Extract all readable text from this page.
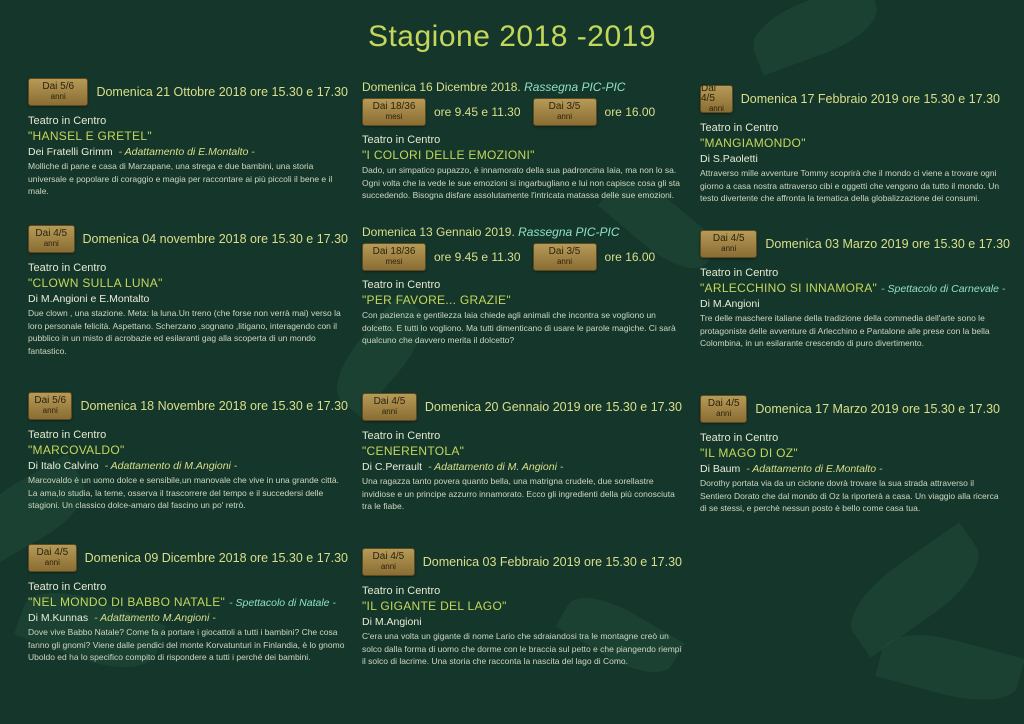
Stagione 2018 -2019
Dai 5/6
anni Domenica 21 Ottobre 2018 ore 15.30 e 17.30
Teatro in Centro
"HANSEL E GRETEL"
Dei Fratelli Grimm - Adattamento di E.Montalto -
Molliche di pane e casa di Marzapane, una strega e due bambini, una storia universale e popolare di coraggio e magia per raccontare ai più piccoli il bene e il male.
Dai 4/5
anni Domenica 04 novembre 2018 ore 15.30 e 17.30
Teatro in Centro
"CLOWN SULLA LUNA"
Di M.Angioni e E.Montalto
Due clown , una stazione. Meta: la luna.Un treno (che forse non verrà mai) verso la loro personale felicità. Aspettano. Scherzano ,sognano ,litigano, interagendo con il pubblico in un misto di acrobazie ed esilaranti gag alla scoperta di un mondo fantastico.
Dai 5/6
anni Domenica 18 Novembre 2018 ore 15.30 e 17.30
Teatro in Centro
"MARCOVALDO"
Di Italo Calvino - Adattamento di M.Angioni -
Marcovaldo è un uomo dolce e sensibile,un manovale che vive in una grande città. La ama,lo studia, la teme, osserva il trascorrere del tempo e il succedersi delle stagioni. Un classico dolce-amaro dal fascino un po' retrò.
Dai 4/5
anni Domenica 09 Dicembre 2018 ore 15.30 e 17.30
Teatro in Centro
"NEL MONDO DI BABBO NATALE" - Spettacolo di Natale -
Di M.Kunnas - Adattamento M.Angioni -
Dove vive Babbo Natale? Come fa a portare i giocattoli a tutti i bambini? Che cosa fanno gli gnomi? Viene dalle pendici del monte Korvatunturi in Finlandia, è lo gnomo Uboldo ed ha lo specifico compito di rispondere a tutti i perché dei bambini.
Domenica 16 Dicembre 2018. Rassegna PIC-PIC
Dai 18/36
mesi	ore 9.45 e 11.30	Dai 3/5
anni	ore 16.00
Teatro in Centro
"I COLORI DELLE EMOZIONI"
Dado, un simpatico pupazzo, è innamorato della sua padroncina Iaia, ma non lo sa. Ogni volta che la vede le sue emozioni si ingarbugliano e lui non capisce cosa gli sta succedendo. Bisogna disfare assolutamente l'intricata matassa delle sue emozioni.
Domenica 13 Gennaio 2019. Rassegna PIC-PIC
Dai 18/36
mesi	ore 9.45 e 11.30	Dai 3/5
anni	ore 16.00
Teatro in Centro
"PER FAVORE... GRAZIE"
Con pazienza e gentilezza Iaia chiede agli animali che incontra se vogliono un dolcetto. E tutti lo vogliono. Ma tutti dimenticano di usare le parole magiche. Ci sarà qualcuno che davvero merita il dolcetto?
Dai 4/5
anni Domenica 20 Gennaio 2019 ore 15.30 e 17.30
Teatro in Centro
"CENERENTOLA"
Di C.Perrault - Adattamento di M. Angioni -
Una ragazza tanto povera quanto bella, una matrigna crudele, due sorellastre invidiose e un principe azzurro innamorato. Ecco gli ingredienti della più conosciuta tra le fiabe.
Dai 4/5
anni Domenica 03 Febbraio 2019 ore 15.30 e 17.30
Teatro in Centro
"IL GIGANTE DEL LAGO"
Di M.Angioni
C'era una volta un gigante di nome Lario che sdraiandosi tra le montagne creò un solco dalla forma di uomo che dorme con le braccia sul petto e che piangendo riempì il solco di lacrime. Una storia che racconta la nascita del lago di Como.
Dai 4/5
anni
Domenica 17 Febbraio 2019 ore 15.30 e 17.30
Teatro in Centro
"MANGIAMONDO"
Di S.Paoletti
Attraverso mille avventure Tommy scoprirà che il mondo ci viene a trovare ogni giorno a casa nostra attraverso cibi e oggetti che vengono da tutto il mondo. Un testo divertente che affronta la tematica della globalizzazione dei consumi.
Dai 4/5
anni Domenica 03 Marzo 2019 ore 15.30 e 17.30
Teatro in Centro
"ARLECCHINO SI INNAMORA" - Spettacolo di Carnevale -
Di M.Angioni
Tre delle maschere italiane della tradizione della commedia dell'arte sono le protagoniste delle avventure di Arlecchino e Pantalone alle prese con la bella Colombina, in un esilarante crescendo di puro divertimento.
Dai 4/5
anni Domenica 17 Marzo 2019 ore 15.30 e 17.30
Teatro in Centro
"IL MAGO DI OZ"
Di Baum - Adattamento di E.Montalto -
Dorothy portata via da un ciclone dovrà trovare la sua strada attraverso il Sentiero Dorato che dal mondo di Oz la riporterà a casa. Un viaggio alla ricerca di se stessi, e perchè nessun posto è bello come casa tua.
